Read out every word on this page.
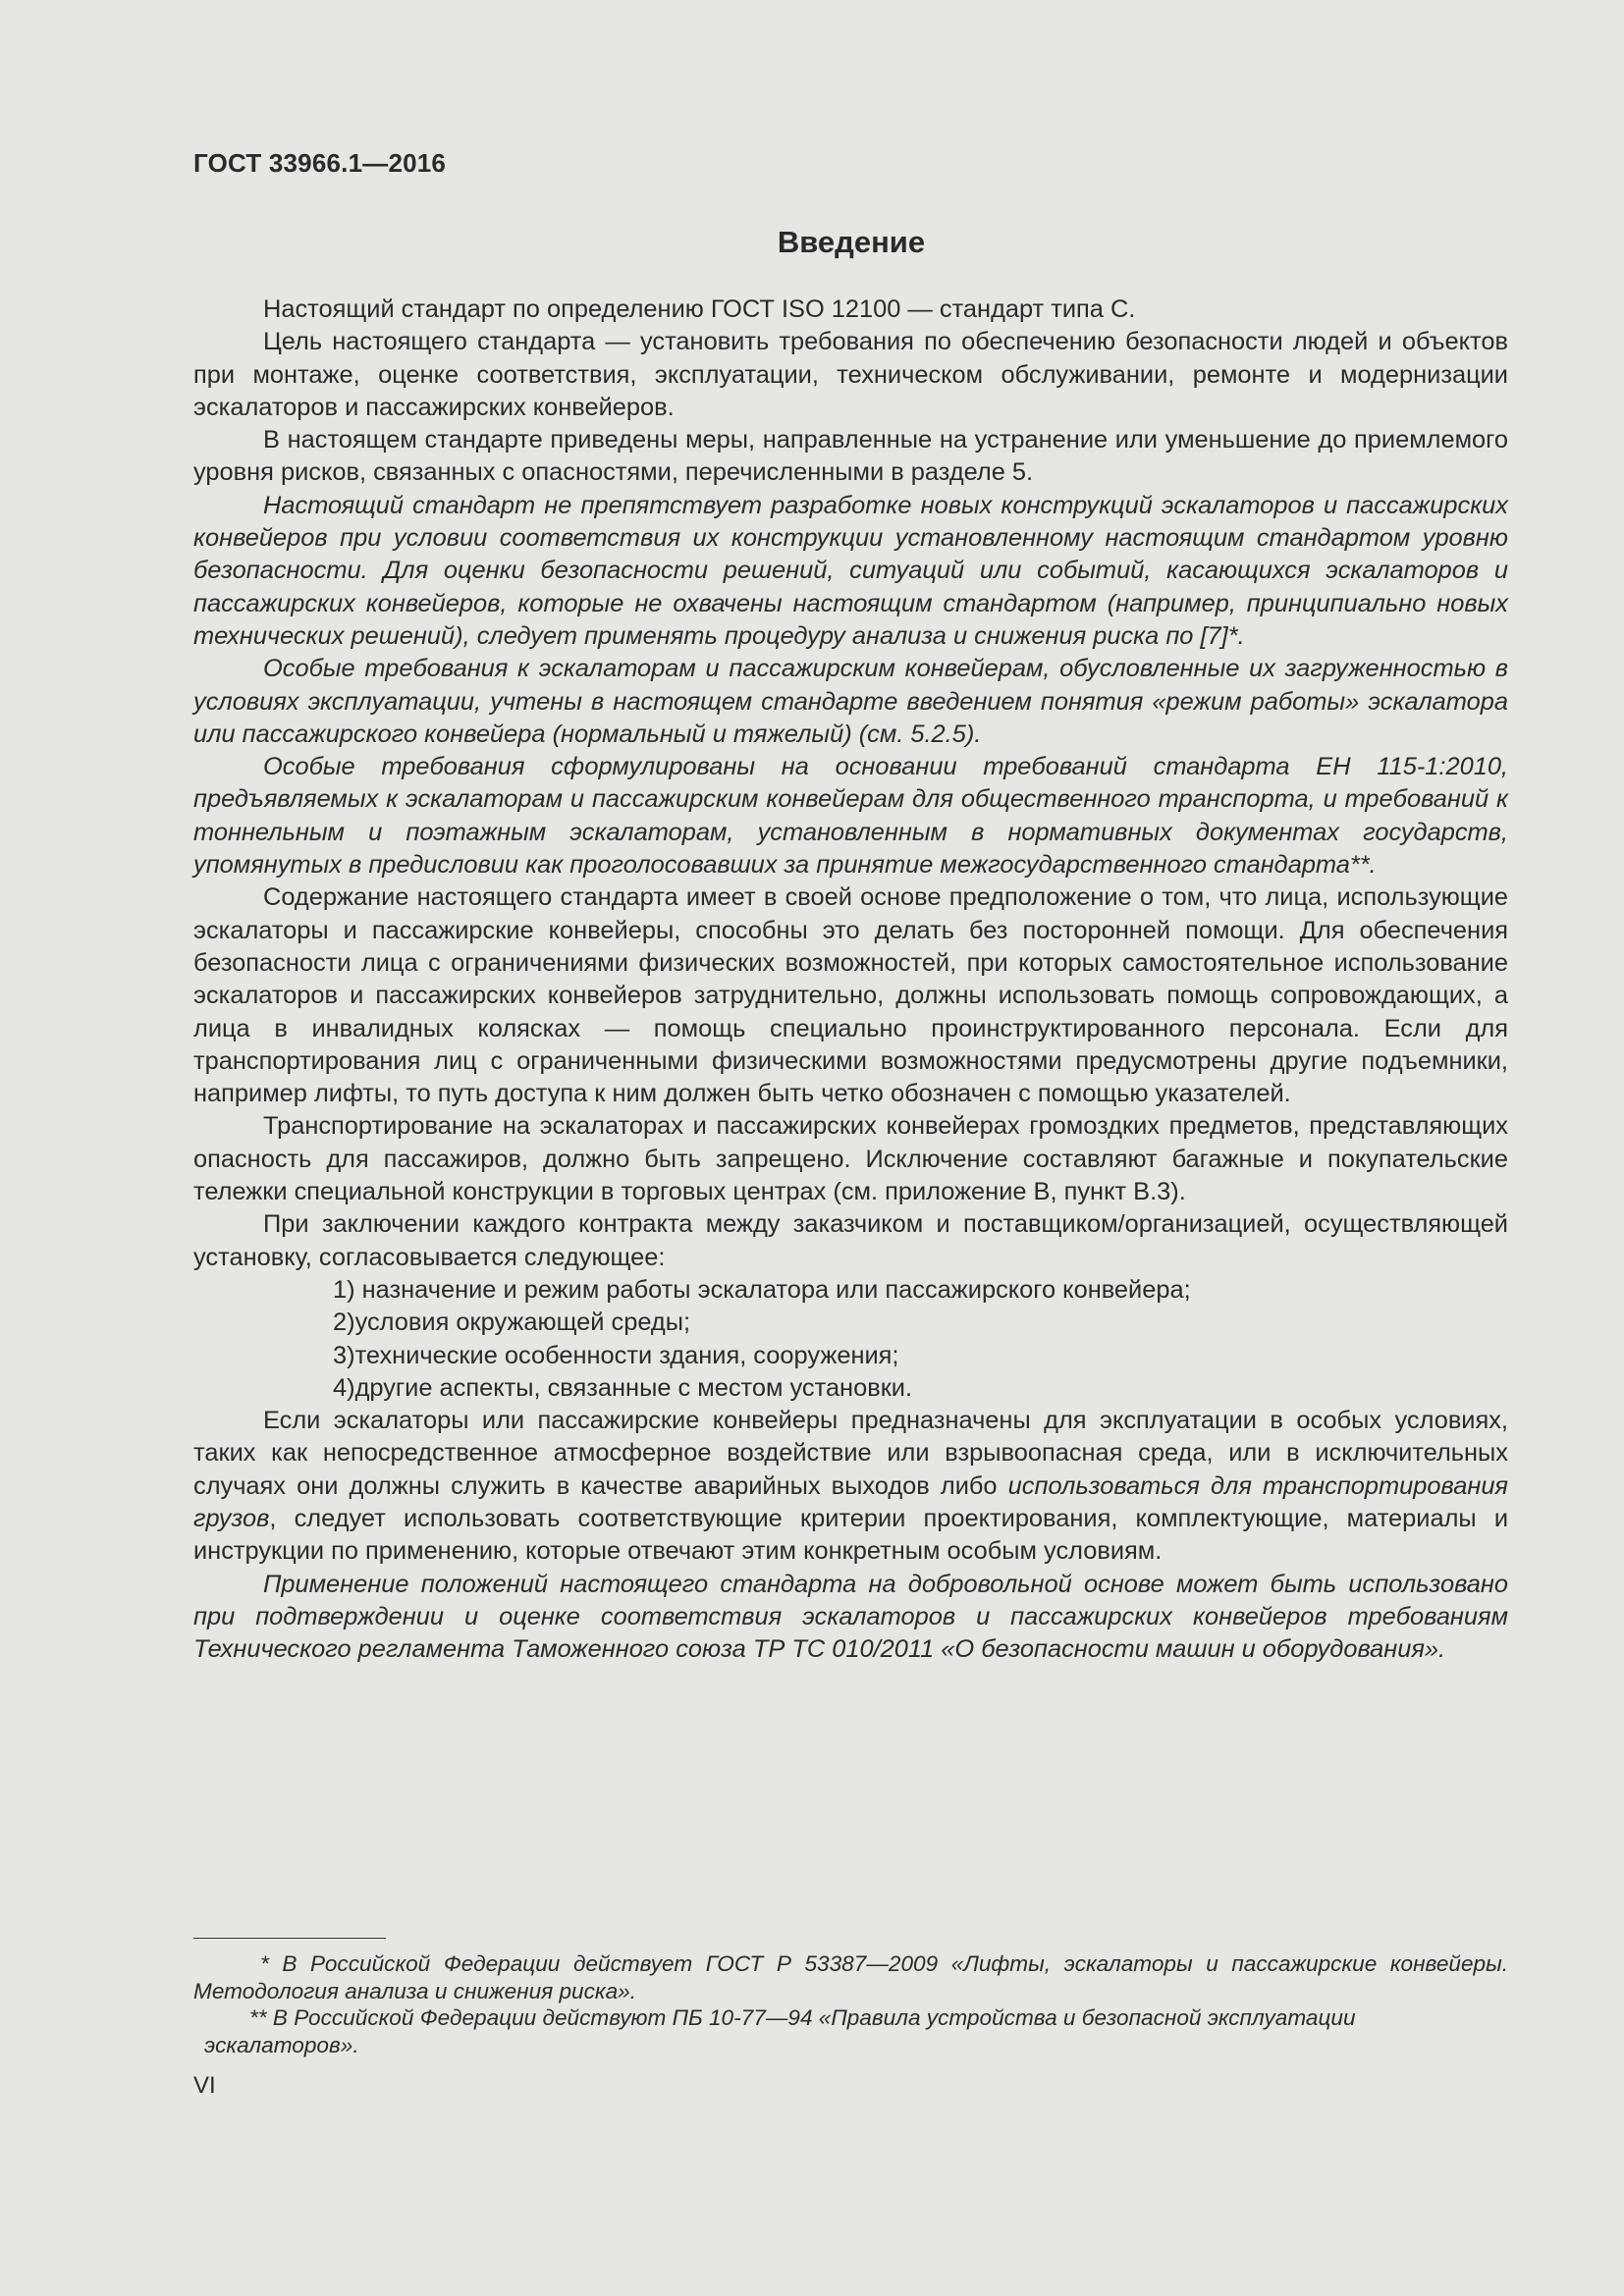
ГОСТ 33966.1—2016
Введение

Настоящий стандарт по определению ГОСТ ISO 12100 — стандарт типа С.

Цель настоящего стандарта — установить требования по обеспечению безопасности людей и объектов при монтаже, оценке соответствия, эксплуатации, техническом обслуживании, ремонте и модернизации эскалаторов и пассажирских конвейеров.

В настоящем стандарте приведены меры, направленные на устранение или уменьшение до приемлемого уровня рисков, связанных с опасностями, перечисленными в разделе 5.

Настоящий стандарт не препятствует разработке новых конструкций эскалаторов и пассажирских конвейеров при условии соответствия их конструкции установленному настоящим стандартом уровню безопасности. Для оценки безопасности решений, ситуаций или событий, касающихся эскалаторов и пассажирских конвейеров, которые не охвачены настоящим стандартом (например, принципиально новых технических решений), следует применять процедуру анализа и снижения риска по [7]*.

Особые требования к эскалаторам и пассажирским конвейерам, обусловленные их загруженностью в условиях эксплуатации, учтены в настоящем стандарте введением понятия «режим работы» эскалатора или пассажирского конвейера (нормальный и тяжелый) (см. 5.2.5).

Особые требования сформулированы на основании требований стандарта ЕН 115-1:2010, предъявляемых к эскалаторам и пассажирским конвейерам для общественного транспорта, и требований к тоннельным и поэтажным эскалаторам, установленным в нормативных документах государств, упомянутых в предисловии как проголосовавших за принятие межгосударственного стандарта**.

Содержание настоящего стандарта имеет в своей основе предположение о том, что лица, использующие эскалаторы и пассажирские конвейеры, способны это делать без посторонней помощи. Для обеспечения безопасности лица с ограничениями физических возможностей, при которых самостоятельное использование эскалаторов и пассажирских конвейеров затруднительно, должны использовать помощь сопровождающих, а лица в инвалидных колясках — помощь специально проинструктированного персонала. Если для транспортирования лиц с ограниченными физическими возможностями предусмотрены другие подъемники, например лифты, то путь доступа к ним должен быть четко обозначен с помощью указателей.

Транспортирование на эскалаторах и пассажирских конвейерах громоздких предметов, представляющих опасность для пассажиров, должно быть запрещено. Исключение составляют багажные и покупательские тележки специальной конструкции в торговых центрах (см. приложение В, пункт В.3).

При заключении каждого контракта между заказчиком и поставщиком/организацией, осуществляющей установку, согласовывается следующее:

1) назначение и режим работы эскалатора или пассажирского конвейера;

2)условия окружающей среды;

3)технические особенности здания, сооружения;

4)другие аспекты, связанные с местом установки.

Если эскалаторы или пассажирские конвейеры предназначены для эксплуатации в особых условиях, таких как непосредственное атмосферное воздействие или взрывоопасная среда, или в исключительных случаях они должны служить в качестве аварийных выходов либо использоваться для транспортирования грузов, следует использовать соответствующие критерии проектирования, комплектующие, материалы и инструкции по применению, которые отвечают этим конкретным особым условиям.

Применение положений настоящего стандарта на добровольной основе может быть использовано при подтверждении и оценке соответствия эскалаторов и пассажирских конвейеров требованиям Технического регламента Таможенного союза ТР ТС 010/2011 «О безопасности машин и оборудования».

* В Российской Федерации действует ГОСТ Р 53387—2009 «Лифты, эскалаторы и пассажирские конвейеры. Методология анализа и снижения риска».

** В Российской Федерации действуют ПБ 10-77—94 «Правила устройства и безопасной эксплуатации

эскалаторов».

VI
